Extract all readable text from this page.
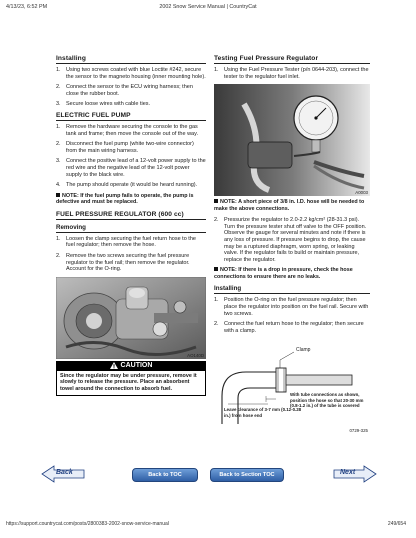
4/13/23, 6:52 PM	2002 Snow Service Manual | CountryCat
Installing
1. Using two screws coated with blue Loctite #242, secure the sensor to the magneto housing (inner mounting hole).
2. Connect the sensor to the ECU wiring harness; then close the rubber boot.
3. Secure loose wires with cable ties.
ELECTRIC FUEL PUMP
1. Remove the hardware securing the console to the gas tank and frame; then move the console out of the way.
2. Disconnect the fuel pump (white two-wire connector) from the main wiring harness.
3. Connect the positive lead of a 12-volt power supply to the red wire and the negative lead of the 12-volt power supply to the black wire.
4. The pump should operate (it would be heard running).
NOTE: If the fuel pump fails to operate, the pump is defective and must be replaced.
FUEL PRESSURE REGULATOR (600 cc)
Removing
1. Loosen the clamp securing the fuel return hose to the fuel regulator; then remove the hose.
2. Remove the two screws securing the fuel pressure regulator to the fuel rail; then remove the regulator. Account for the O-ring.
AO140D
CAUTION
Since the regulator may be under pressure, remove it slowly to release the pressure. Place an absorbent towel around the connection to absorb fuel.
Testing Fuel Pressure Regulator
1. Using the Fuel Pressure Tester (p/n 0644-203), connect the tester to the regulator fuel inlet.
A0003
NOTE: A short piece of 3/8 in. I.D. hose will be needed to make the above connections.
2. Pressurize the regulator to 2.0-2.2 kg/cm² (28-31.3 psi). Turn the pressure tester shut off valve to the OFF position. Observe the gauge for several minutes and note if there is any loss of pressure. If pressure begins to drop, the cause may be a ruptured diaphragm, worn spring, or leaking valve. If the regulator fails to build or maintain pressure, replace the regulator.
NOTE: If there is a drop in pressure, check the hose connections to ensure there are no leaks.
Installing
1. Position the O-ring on the fuel pressure regulator; then place the regulator into position on the fuel rail. Secure with two screws.
2. Connect the fuel return hose to the regulator; then secure with a clamp.
Clamp
With tube connections as shown, position the hose so that 20-30 mm (0.8-1.2 in.) of the tube is covered
Leave clearance of 3-7 mm (0.12-0.28 in.) from hose end
0729-325
Back	Back to TOC	Back to Section TOC	Next
https://support.countrycat.com/posts/2800383-2002-snow-service-manual	249/654
